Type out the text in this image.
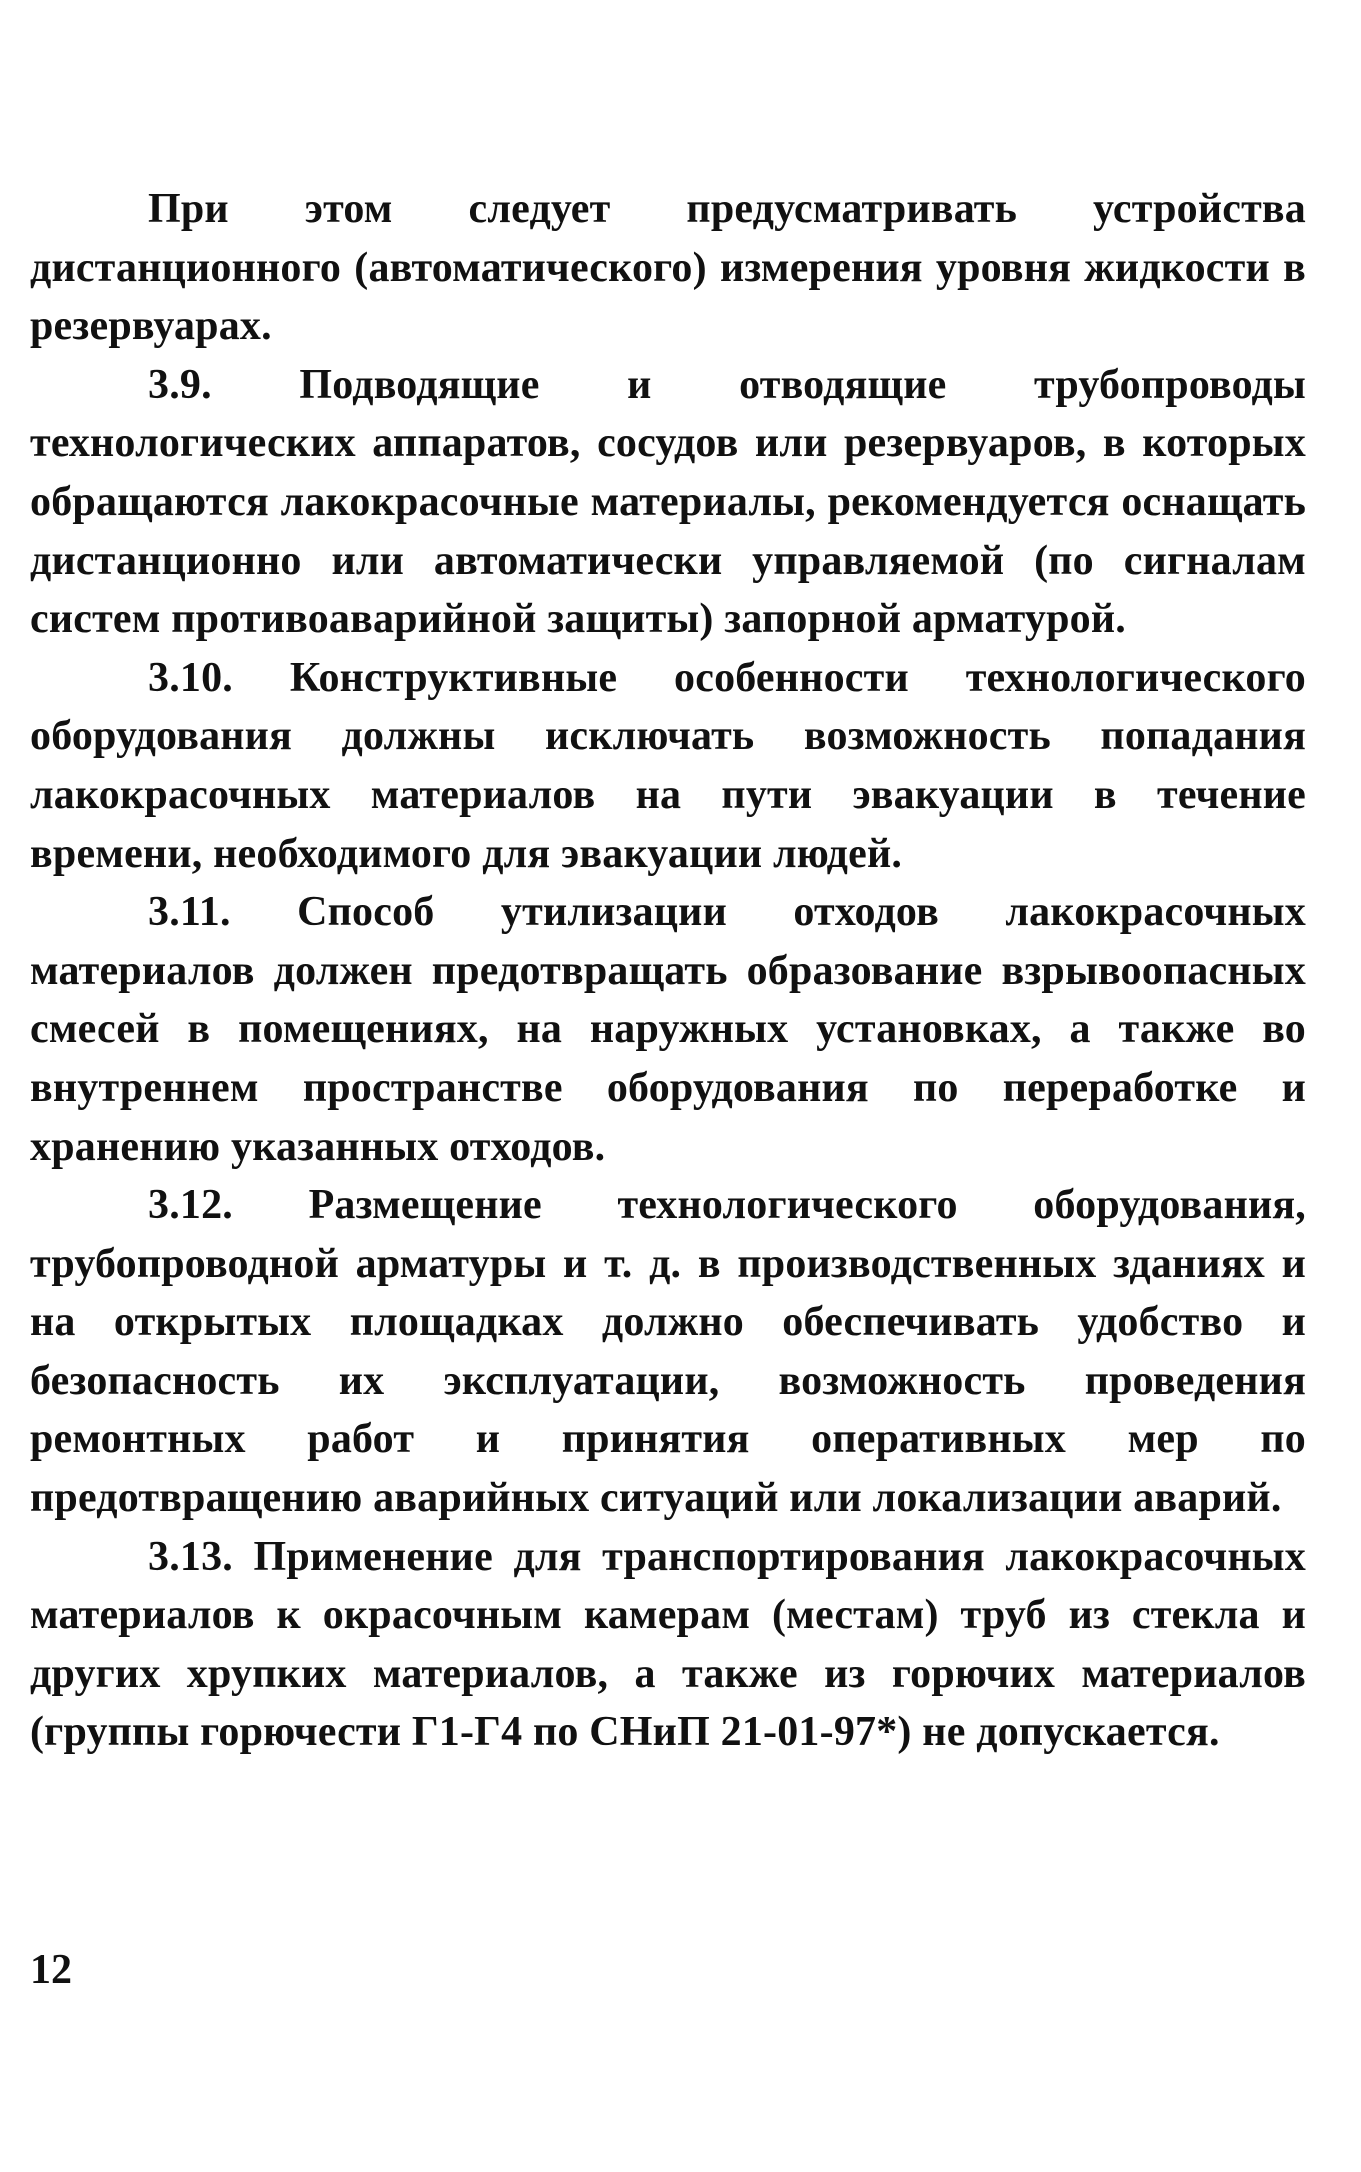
При этом следует предусматривать устройства дистанционного (автоматического) измерения уровня жидкости в резервуарах.

3.9. Подводящие и отводящие трубопроводы технологических аппаратов, сосудов или резервуаров, в которых обращаются лакокрасочные материалы, рекомендуется оснащать дистанционно или автоматически управляемой (по сигналам систем противоаварийной защиты) запорной арматурой.

3.10. Конструктивные особенности технологического оборудования должны исключать возможность попадания лакокрасочных материалов на пути эвакуации в течение времени, необходимого для эвакуации людей.

3.11. Способ утилизации отходов лакокрасочных материалов должен предотвращать образование взрывоопасных смесей в помещениях, на наружных установках, а также во внутреннем пространстве оборудования по переработке и хранению указанных отходов.

3.12. Размещение технологического оборудования, трубопроводной арматуры и т. д. в производственных зданиях и на открытых площадках должно обеспечивать удобство и безопасность их эксплуатации, возможность проведения ремонтных работ и принятия оперативных мер по предотвращению аварийных ситуаций или локализации аварий.

3.13. Применение для транспортирования лакокрасочных материалов к окрасочным камерам (местам) труб из стекла и других хрупких материалов, а также из горючих материалов (группы горючести Г1-Г4 по СНиП 21-01-97*) не допускается.

12
